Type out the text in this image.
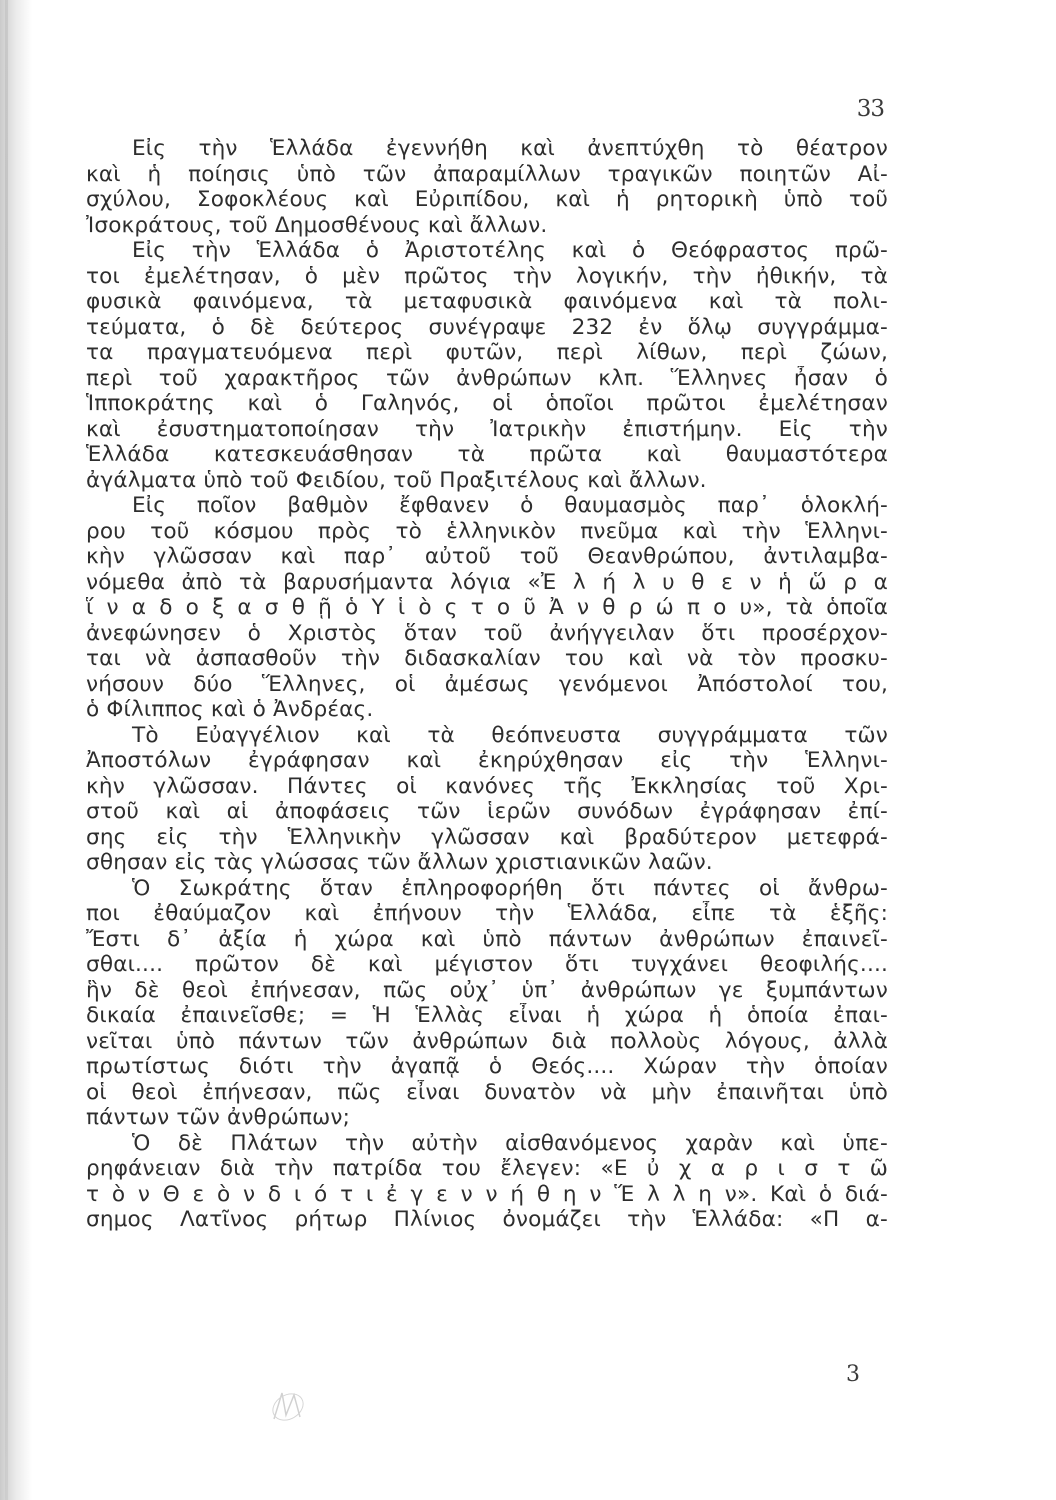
33
Εἰς τὴν Ἑλλάδα ἐγεννήθη καὶ ἀνεπτύχθη τὸ θέατρον
καὶ ἡ ποίησις ὑπὸ τῶν ἀπαραμίλλων τραγικῶν ποιητῶν Αἰ-
σχύλου, Σοφοκλέους καὶ Εὐριπίδου, καὶ ἡ ρητορικὴ ὑπὸ τοῦ
Ἰσοκράτους, τοῦ Δημοσθένους καὶ ἄλλων.
Εἰς τὴν Ἑλλάδα ὁ Ἀριστοτέλης καὶ ὁ Θεόφραστος πρῶ-
τοι ἐμελέτησαν, ὁ μὲν πρῶτος τὴν λογικήν, τὴν ἠθικήν, τὰ
φυσικὰ φαινόμενα, τὰ μεταφυσικὰ φαινόμενα καὶ τὰ πολι-
τεύματα, ὁ δὲ δεύτερος συνέγραψε 232 ἐν ὅλῳ συγγράμμα-
τα πραγματευόμενα περὶ φυτῶν, περὶ λίθων, περὶ ζώων,
περὶ τοῦ χαρακτῆρος τῶν ἀνθρώπων κλπ. Ἕλληνες ἦσαν ὁ
Ἱπποκράτης καὶ ὁ Γαληνός, οἱ ὁποῖοι πρῶτοι ἐμελέτησαν
καὶ ἐσυστηματοποίησαν τὴν Ἰατρικὴν ἐπιστήμην. Εἰς τὴν
Ἑλλάδα κατεσκευάσθησαν τὰ πρῶτα καὶ θαυμαστότερα
ἀγάλματα ὑπὸ τοῦ Φειδίου, τοῦ Πραξιτέλους καὶ ἄλλων.
Εἰς ποῖον βαθμὸν ἔφθανεν ὁ θαυμασμὸς παρ᾽ ὁλοκλή-
ρου τοῦ κόσμου πρὸς τὸ ἑλληνικὸν πνεῦμα καὶ τὴν Ἑλληνι-
κὴν γλῶσσαν καὶ παρ᾽ αὐτοῦ τοῦ Θεανθρώπου, ἀντιλαμβα-
νόμεθα ἀπὸ τὰ βαρυσήμαντα λόγια «Ἐ λ ή λ υ θ ε ν ἡ ὥ ρ α
ἵ ν α δ ο ξ α σ θ ῇ ὁ Υ ἱ ὸ ς τ ο ῦ Ἀ ν θ ρ ώ π ο υ», τὰ ὁποῖα
ἀνεφώνησεν ὁ Χριστὸς ὅταν τοῦ ἀνήγγειλαν ὅτι προσέρχον-
ται νὰ ἀσπασθοῦν τὴν διδασκαλίαν του καὶ νὰ τὸν προσκυ-
νήσουν δύο Ἕλληνες, οἱ ἀμέσως γενόμενοι Ἀπόστολοί του,
ὁ Φίλιππος καὶ ὁ Ἀνδρέας.
Τὸ Εὐαγγέλιον καὶ τὰ θεόπνευστα συγγράμματα τῶν
Ἀποστόλων ἐγράφησαν καὶ ἐκηρύχθησαν εἰς τὴν Ἑλληνι-
κὴν γλῶσσαν. Πάντες οἱ κανόνες τῆς Ἐκκλησίας τοῦ Χρι-
στοῦ καὶ αἱ ἀποφάσεις τῶν ἱερῶν συνόδων ἐγράφησαν ἐπί-
σης εἰς τὴν Ἑλληνικὴν γλῶσσαν καὶ βραδύτερον μετεφρά-
σθησαν εἰς τὰς γλώσσας τῶν ἄλλων χριστιανικῶν λαῶν.
Ὁ Σωκράτης ὅταν ἐπληροφορήθη ὅτι πάντες οἱ ἄνθρω-
ποι ἐθαύμαζον καὶ ἐπήνουν τὴν Ἑλλάδα, εἶπε τὰ ἑξῆς:
Ἔστι δ᾽ ἀξία ἡ χώρα καὶ ὑπὸ πάντων ἀνθρώπων ἐπαινεῖ-
σθαι.... πρῶτον δὲ καὶ μέγιστον ὅτι τυγχάνει θεοφιλής....
ἣν δὲ θεοὶ ἐπήνεσαν, πῶς οὐχ᾽ ὑπ᾽ ἀνθρώπων γε ξυμπάντων
δικαία ἐπαινεῖσθε; = Ἡ Ἑλλὰς εἶναι ἡ χώρα ἡ ὁποία ἐπαι-
νεῖται ὑπὸ πάντων τῶν ἀνθρώπων διὰ πολλοὺς λόγους, ἀλλὰ
πρωτίστως διότι τὴν ἀγαπᾷ ὁ Θεός.... Χώραν τὴν ὁποίαν
οἱ θεοὶ ἐπήνεσαν, πῶς εἶναι δυνατὸν νὰ μὴν ἐπαινῆται ὑπὸ
πάντων τῶν ἀνθρώπων;
Ὁ δὲ Πλάτων τὴν αὐτὴν αἰσθανόμενος χαρὰν καὶ ὑπε-
ρηφάνειαν διὰ τὴν πατρίδα του ἔλεγεν: «Ε ὐ χ α ρ ι σ τ ῶ
τ ὸ ν Θ ε ὸ ν δ ι ό τ ι ἐ γ ε ν ν ή θ η ν Ἕ λ λ η ν». Καὶ ὁ διά-
σημος Λατῖνος ρήτωρ Πλίνιος ὀνομάζει τὴν Ἑλλάδα: «Π α-
3
